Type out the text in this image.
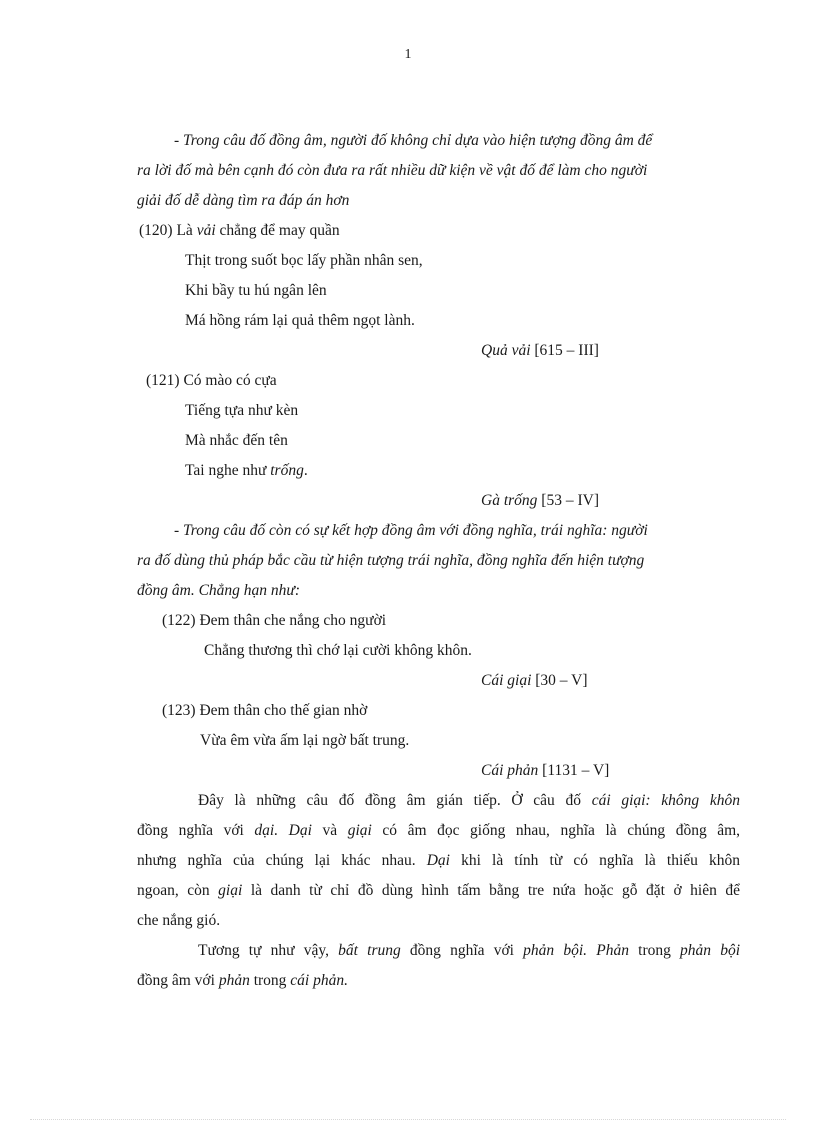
1
- Trong câu đố đồng âm, người đố không chỉ dựa vào hiện tượng đồng âm để
ra lời đố mà bên cạnh đó còn đưa ra rất nhiều dữ kiện về vật đố để làm cho người
giải đố dễ dàng tìm ra đáp án hơn
(120) Là vải chẳng để may quần
Thịt trong suốt bọc lấy phần nhân sen,
Khi bầy tu hú ngân lên
Má hồng rám lại quả thêm ngọt lành.
Quả vải [615 – III]
(121) Có mào có cựa
Tiếng tựa như kèn
Mà nhắc đến tên
Tai nghe như trống.
Gà trống [53 – IV]
- Trong câu đố còn có sự kết hợp đồng âm với đồng nghĩa, trái nghĩa: người
ra đố dùng thủ pháp bắc cầu từ hiện tượng trái nghĩa, đồng nghĩa đến hiện tượng
đồng âm. Chẳng hạn như:
(122) Đem thân che nắng cho người
Chẳng thương thì chớ lại cười không khôn.
Cái giại [30 – V]
(123) Đem thân cho thế gian nhờ
Vừa êm vừa ấm lại ngờ bất trung.
Cái phản [1131 – V]
Đây là những câu đố đồng âm gián tiếp. Ở câu đố cái giại: không khôn
đồng nghĩa với dại. Dại và giại có âm đọc giống nhau, nghĩa là chúng đồng âm,
nhưng nghĩa của chúng lại khác nhau. Dại khi là tính từ có nghĩa là thiếu khôn
ngoan, còn giại là danh từ chỉ đồ dùng hình tấm bằng tre nứa hoặc gỗ đặt ở hiên để
che nắng gió.
Tương tự như vậy, bất trung đồng nghĩa với phản bội. Phản trong phản bội
đồng âm với phản trong cái phản.
